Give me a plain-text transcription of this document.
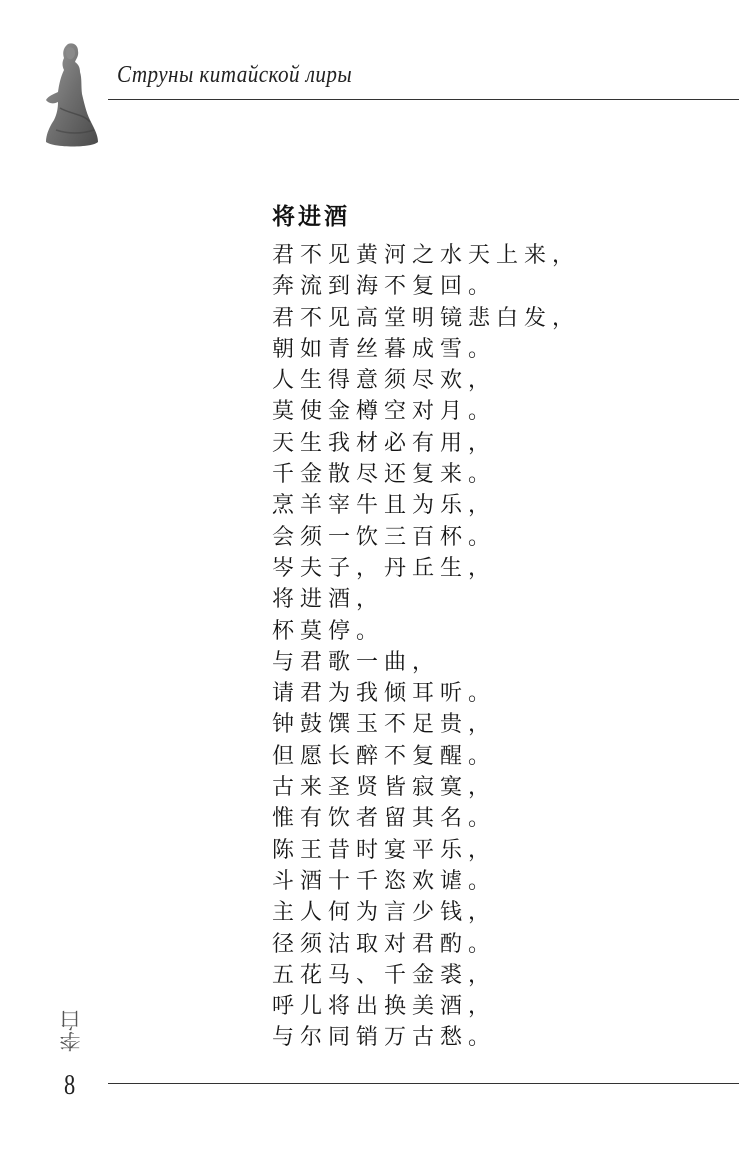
Струны китайской лиры
将进酒
君不见黄河之水天上来，
奔流到海不复回。
君不见高堂明镜悲白发，
朝如青丝暮成雪。
人生得意须尽欢，
莫使金樽空对月。
天生我材必有用，
千金散尽还复来。
烹羊宰牛且为乐，
会须一饮三百杯。
岑夫子，丹丘生，
将进酒，
杯莫停。
与君歌一曲，
请君为我倾耳听。
钟鼓馔玉不足贵，
但愿长醉不复醒。
古来圣贤皆寂寞，
惟有饮者留其名。
陈王昔时宴平乐，
斗酒十千恣欢谑。
主人何为言少钱，
径须沽取对君酌。
五花马、千金裘，
呼儿将出换美酒，
与尔同销万古愁。
李白
8
